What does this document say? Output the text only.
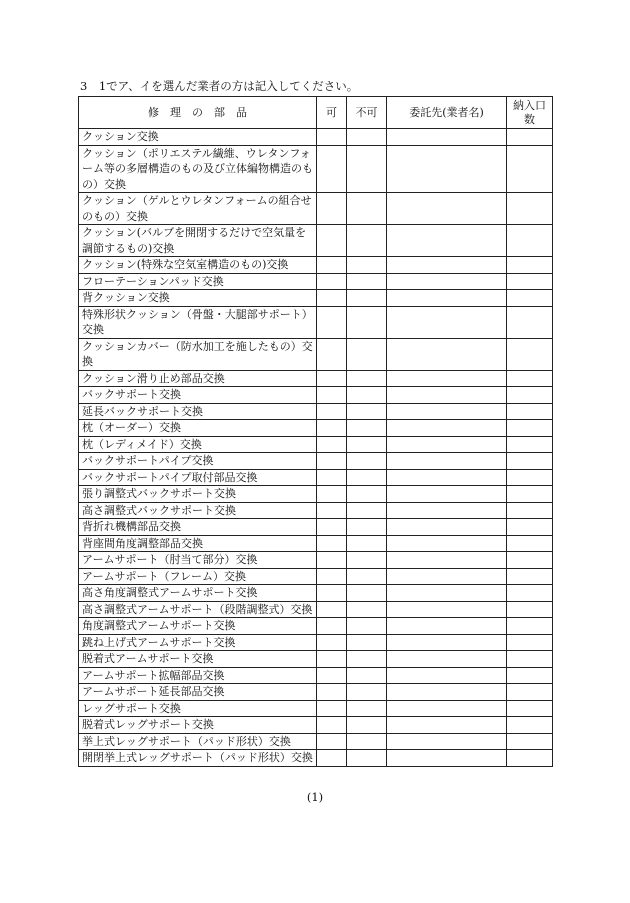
3　1でア、イを選んだ業者の方は記入してください。
修　理　の　部　品	可	不可	委託先(業者名)	納入口数
クッション交換				
クッション（ポリエステル繊維、ウレタンフォーム等の多層構造のもの及び立体編物構造のもの）交換				
クッション（ゲルとウレタンフォームの組合せのもの）交換				
クッション(バルブを開閉するだけで空気量を調節するもの)交換				
クッション(特殊な空気室構造のもの)交換				
フローテーションパッド交換				
背クッション交換				
特殊形状クッション（骨盤・大腿部サポート）交換				
クッションカバー（防水加工を施したもの）交換				
クッション滑り止め部品交換				
バックサポート交換				
延長バックサポート交換				
枕（オーダー）交換				
枕（レディメイド）交換				
バックサポートパイプ交換				
バックサポートパイプ取付部品交換				
張り調整式バックサポート交換				
高さ調整式バックサポート交換				
背折れ機構部品交換				
背座間角度調整部品交換				
アームサポート（肘当て部分）交換				
アームサポート（フレーム）交換				
高さ角度調整式アームサポート交換				
高さ調整式アームサポート（段階調整式）交換				
角度調整式アームサポート交換				
跳ね上げ式アームサポート交換				
脱着式アームサポート交換				
アームサポート拡幅部品交換				
アームサポート延長部品交換				
レッグサポート交換				
脱着式レッグサポート交換				
挙上式レッグサポート（パッド形状）交換				
開閉挙上式レッグサポート（パッド形状）交換				
(1)
